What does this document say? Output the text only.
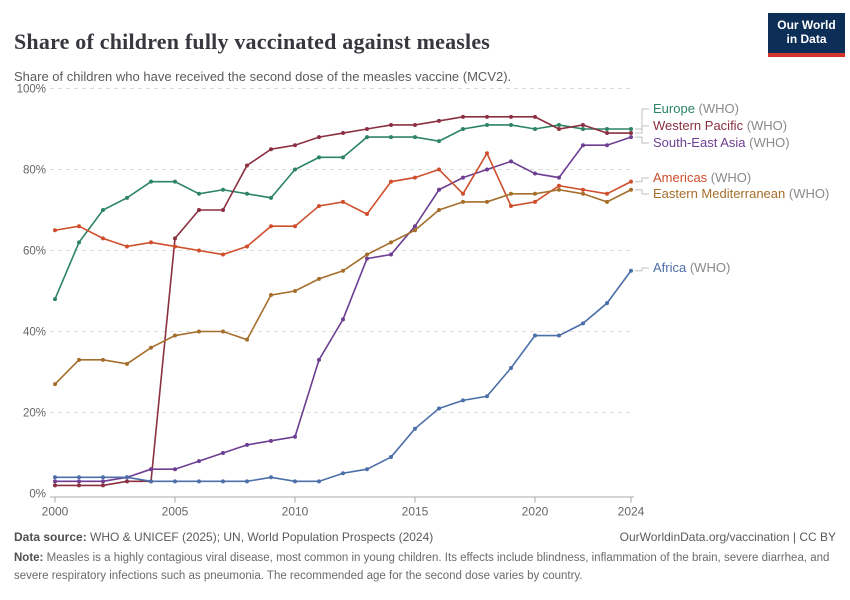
Share of children fully vaccinated against measles

Share of children who have received the second dose of the measles vaccine (MCV2).

Our World
in Data
0%
20%
40%
60%
80%
100%
2000	2005	2010	2015	2020	2024
Europe (WHO)
Western Pacific (WHO)
South-East Asia (WHO)
Americas (WHO)
Eastern Mediterranean (WHO)
Africa (WHO)
Data source: WHO & UNICEF (2025); UN, World Population Prospects (2024)	OurWorldinData.org/vaccination | CC BY
Note: Measles is a highly contagious viral disease, most common in young children. Its effects include blindness, inflammation of the brain, severe diarrhea, and severe respiratory infections such as pneumonia. The recommended age for the second dose varies by country.
